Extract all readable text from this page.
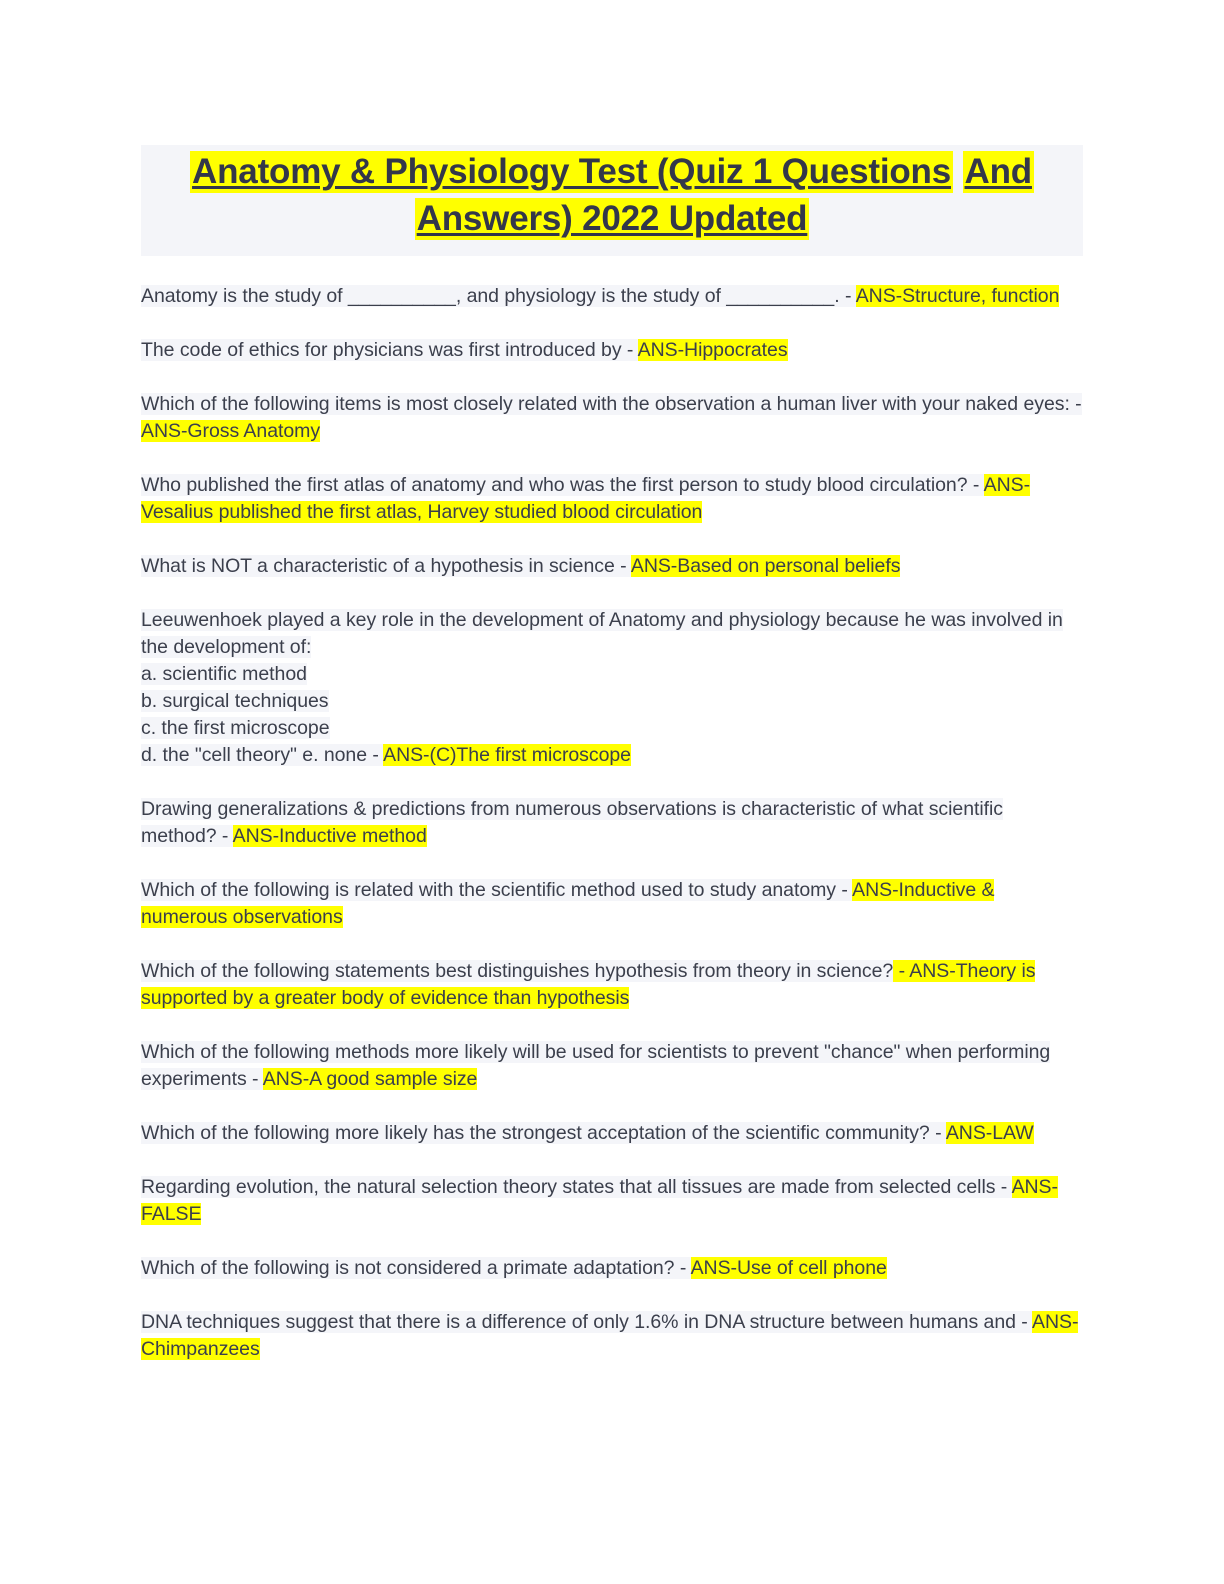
Anatomy & Physiology Test (Quiz 1 Questions And Answers) 2022 Updated

Anatomy is the study of __________, and physiology is the study of __________. - ANS-Structure, function

The code of ethics for physicians was first introduced by - ANS-Hippocrates

Which of the following items is most closely related with the observation a human liver with your naked eyes: - ANS-Gross Anatomy

Who published the first atlas of anatomy and who was the first person to study blood circulation? - ANS-Vesalius published the first atlas, Harvey studied blood circulation

What is NOT a characteristic of a hypothesis in science - ANS-Based on personal beliefs

Leeuwenhoek played a key role in the development of Anatomy and physiology because he was involved in the development of:
a. scientific method
b. surgical techniques
c. the first microscope
d. the "cell theory" e. none - ANS-(C)The first microscope

Drawing generalizations & predictions from numerous observations is characteristic of what scientific method? - ANS-Inductive method

Which of the following is related with the scientific method used to study anatomy - ANS-Inductive & numerous observations

Which of the following statements best distinguishes hypothesis from theory in science? - ANS-Theory is supported by a greater body of evidence than hypothesis

Which of the following methods more likely will be used for scientists to prevent "chance" when performing experiments - ANS-A good sample size

Which of the following more likely has the strongest acceptation of the scientific community? - ANS-LAW

Regarding evolution, the natural selection theory states that all tissues are made from selected cells - ANS-FALSE

Which of the following is not considered a primate adaptation? - ANS-Use of cell phone

DNA techniques suggest that there is a difference of only 1.6% in DNA structure between humans and - ANS-Chimpanzees
